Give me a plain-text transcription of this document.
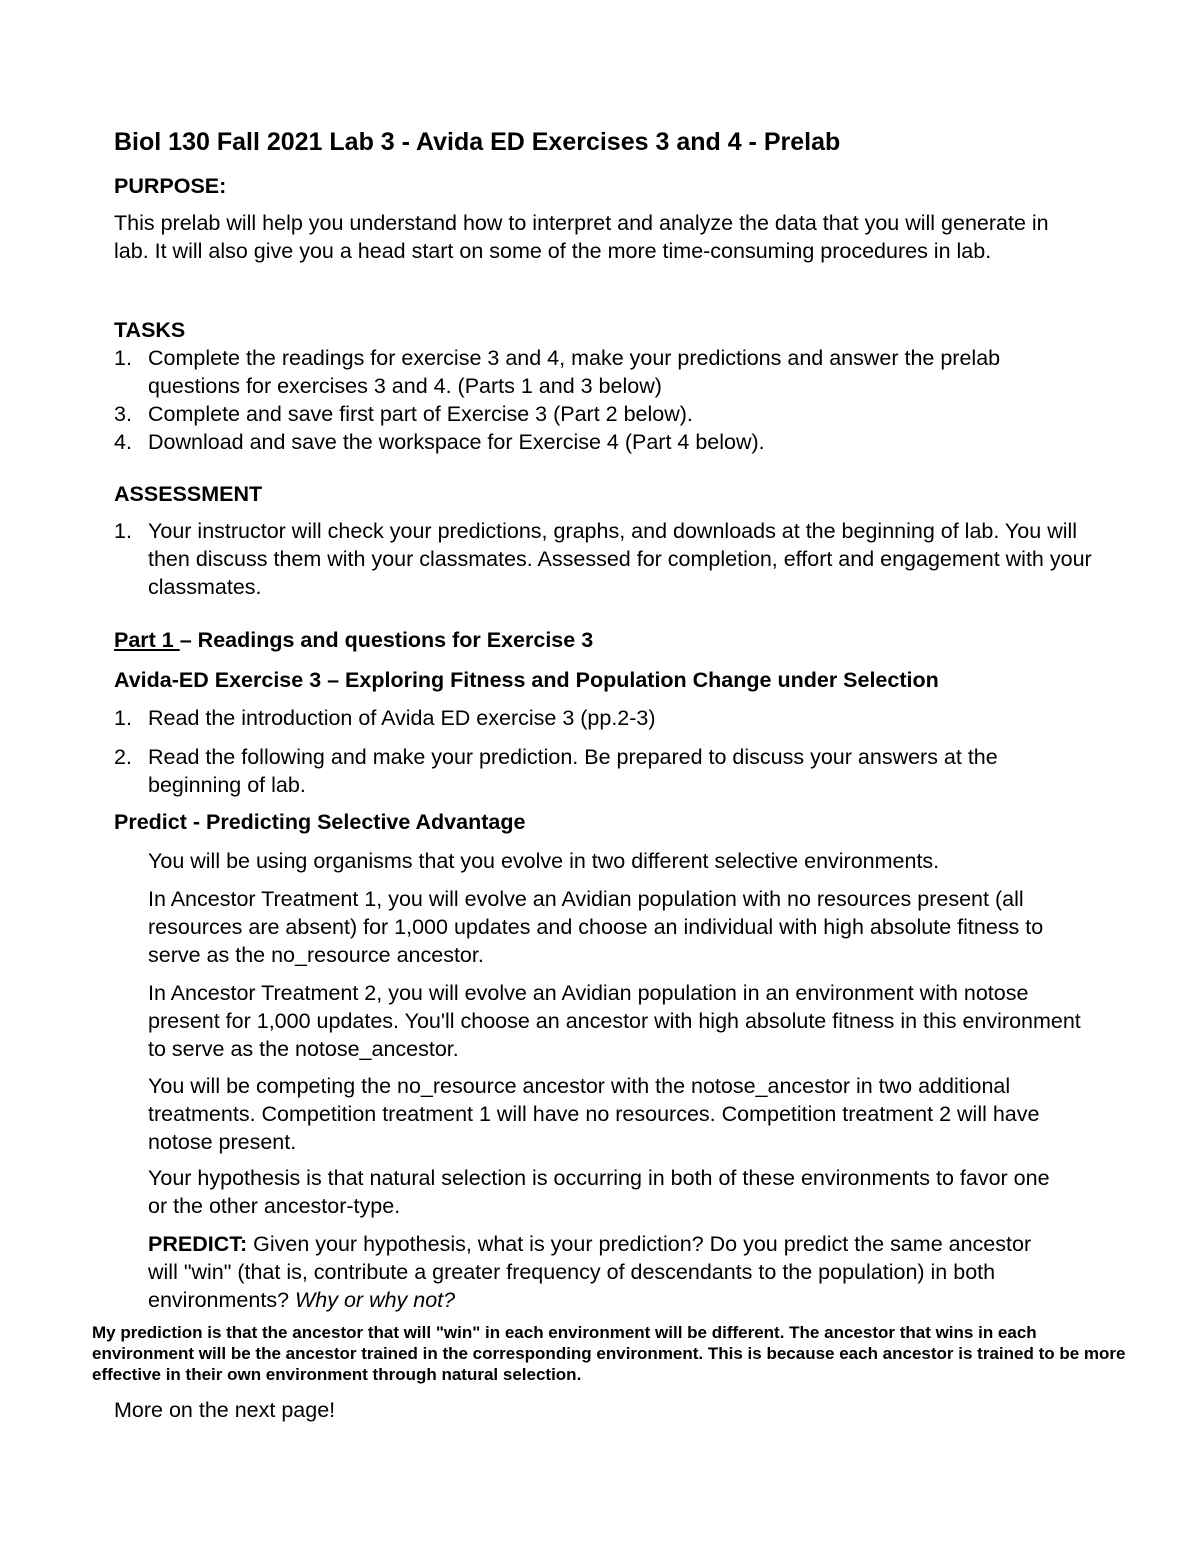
Biol 130 Fall 2021 Lab 3 - Avida ED Exercises 3 and 4 - Prelab
PURPOSE:
This prelab will help you understand how to interpret and analyze the data that you will generate in lab. It will also give you a head start on some of the more time-consuming procedures in lab.
TASKS
1. Complete the readings for exercise 3 and 4, make your predictions and answer the prelab questions for exercises 3 and 4. (Parts 1 and 3 below)
3. Complete and save first part of Exercise 3 (Part 2 below).
4. Download and save the workspace for Exercise 4 (Part 4 below).
ASSESSMENT
1. Your instructor will check your predictions, graphs, and downloads at the beginning of lab. You will then discuss them with your classmates. Assessed for completion, effort and engagement with your classmates.
Part 1 – Readings and questions for Exercise 3
Avida-ED Exercise 3 – Exploring Fitness and Population Change under Selection
1. Read the introduction of Avida ED exercise 3 (pp.2-3)
2. Read the following and make your prediction. Be prepared to discuss your answers at the beginning of lab.
Predict - Predicting Selective Advantage
You will be using organisms that you evolve in two different selective environments.
In Ancestor Treatment 1, you will evolve an Avidian population with no resources present (all resources are absent) for 1,000 updates and choose an individual with high absolute fitness to serve as the no_resource ancestor.
In Ancestor Treatment 2, you will evolve an Avidian population in an environment with notose present for 1,000 updates. You'll choose an ancestor with high absolute fitness in this environment to serve as the notose_ancestor.
You will be competing the no_resource ancestor with the notose_ancestor in two additional treatments. Competition treatment 1 will have no resources. Competition treatment 2 will have notose present.
Your hypothesis is that natural selection is occurring in both of these environments to favor one or the other ancestor-type.
PREDICT: Given your hypothesis, what is your prediction? Do you predict the same ancestor will "win" (that is, contribute a greater frequency of descendants to the population) in both environments? Why or why not?
My prediction is that the ancestor that will "win" in each environment will be different. The ancestor that wins in each environment will be the ancestor trained in the corresponding environment. This is because each ancestor is trained to be more effective in their own environment through natural selection.
More on the next page!
